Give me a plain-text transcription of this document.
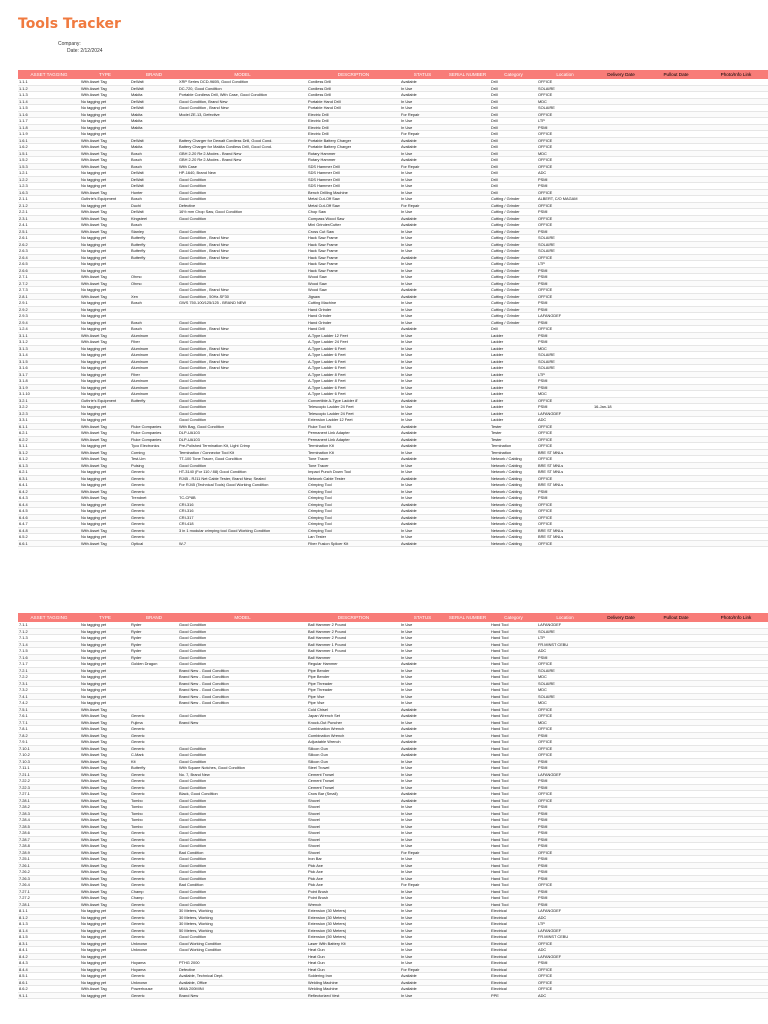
Tools Tracker
Company:
Date: 2/12/2024
ASSET TAGGING	TYPE	BRAND	MODEL	DESCRIPTION	STATUS	SERIAL NUMBER	Category	Location	Delivery Date	Pullout Date	Photo/Info Link
1.1.1	With Asset Tag	DeWalt	XRP Series DCD-960B, Good Condition	Cordless Drill	Available		Drill	OFFICE			
1.1.2	With Asset Tag	DeWalt	DC-720, Good Condition	Cordless Drill	In Use		Drill	SOLAIRE			
1.1.3	With Asset Tag	Makita	Portable Cordless Drill, With Case, Good Condition	Cordless Drill	Available		Drill	OFFICE			
1.1.4	No tagging yet	DeWalt	Good Condition, Brand New	Portable Hand Drill	In Use		Drill	MDC			
1.1.5	No tagging yet	DeWalt	Good Condition , Brand New	Portable Hand Drill	In Use		Drill	SOLAIRE			
1.1.6	No tagging yet	Makita	Model ZE-13, Defective	Electric Drill	For Repair		Drill	OFFICE			
1.1.7	No tagging yet	Makita		Electric Drill	In Use		Drill	LTP			
1.1.8	No tagging yet	Makita		Electric Drill	In Use		Drill	PSMI			
1.1.9	No tagging yet			Electric Drill	For Repair		Drill	OFFICE			
1.6.1	With Asset Tag	DeWalt	Battery Charger for Dewalt Cordless Drill, Good Cond.	Portable Battery Charger	Available		Drill	OFFICE			
1.6.2	With Asset Tag	Makita	Battery Charger for Makita Cordless Drill, Good Cond.	Portable Battery Charger	Available		Drill	OFFICE			
1.5.1	With Asset Tag	Bosch	GBH 2-20 Re 2-Modes - Brand New	Rotary Hammer	In Use		Drill	MDC			
1.5.2	With Asset Tag	Bosch	GBH 2-20 Re 2-Modes - Brand New	Rotary Hammer	Available		Drill	OFFICE			
1.5.3	With Asset Tag	Bosch	With Case	SDS Hammer Drill	For Repair		Drill	OFFICE			
1.2.1	No tagging yet	DeWalt	HP-1640, Brand New	SDS Hammer Drill	In Use		Drill	ADC			
1.2.2	No tagging yet	DeWalt	Good Condition	SDS Hammer Drill	In Use		Drill	PSMI			
1.2.3	No tagging yet	DeWalt	Good Condition	SDS Hammer Drill	In Use		Drill	PSMI			
1.6.3	With Asset Tag	Hunter	Good Condition	Bench Drilling Machine	In Use		Drill	OFFICE			
2.1.1	Guthrie's Equipment	Bosch	Good Condition	Metal Cut-Off Saw	In Use		Cutting / Grinder	ALBERT, C/O MAGAM			
2.1.2	No tagging yet	Duchi	Defective	Metal Cut-Off Saw	For Repair		Cutting / Grinder	OFFICE			
2.2.1	With Asset Tag	DeWalt	16½ mm Chop Saw, Good Condition	Chop Saw	In Use		Cutting / Grinder	PSMI			
2.3.1	With Asset Tag	Kingsteel	Good Condition	Compass Wood Saw	Available		Cutting / Grinder	OFFICE			
2.4.1	With Asset Tag	Bosch		Mini Grinder/Cutter	Available		Cutting / Grinder	OFFICE			
2.5.1	With Asset Tag	Stanley	Good Condition	Cross Cut Saw	In Use		Cutting / Grinder	PSMI			
2.6.1	No tagging yet	Butterfly	Good Condition , Brand New	Hack Saw Frame	In Use		Cutting / Grinder	SOLAIRE			
2.6.2	No tagging yet	Butterfly	Good Condition , Brand New	Hack Saw Frame	In Use		Cutting / Grinder	SOLAIRE			
2.6.3	No tagging yet	Butterfly	Good Condition , Brand New	Hack Saw Frame	In Use		Cutting / Grinder	SOLAIRE			
2.6.4	No tagging yet	Butterfly	Good Condition , Brand New	Hack Saw Frame	Available		Cutting / Grinder	OFFICE			
2.6.5	No tagging yet		Good Condition	Hack Saw Frame	In Use		Cutting / Grinder	LTP			
2.6.6	No tagging yet		Good Condition	Hack Saw Frame	In Use		Cutting / Grinder	PSMI			
2.7.1	With Asset Tag	Ohmo	Good Condition	Wood Saw	In Use		Cutting / Grinder	PSMI			
2.7.2	With Asset Tag	Ohmo	Good Condition	Wood Saw	In Use		Cutting / Grinder	PSMI			
2.7.3	No tagging yet		Good Condition , Brand New	Wood Saw	Available		Cutting / Grinder	OFFICE			
2.8.1	With Asset Tag	Xen	Good Condition , 50Hz-SF30	Jigsaw	Available		Cutting / Grinder	OFFICE			
2.9.1	No tagging yet	Bosch	GWS 750-100/125/125 - BRAND NEW	Cutting Machine	In Use		Cutting / Grinder	PSMI			
2.9.2	No tagging yet			Hand Grinder	In Use		Cutting / Grinder	PSMI			
2.9.3	No tagging yet			Hand Grinder	In Use		Cutting / Grinder	LAFANGDEF			
2.9.4	No tagging yet	Bosch	Good Condition	Hand Grinder	In Use		Cutting / Grinder	PSMI			
1.2.4	No tagging yet	Bosch	Good Condition , Brand New	Hand Drill	Available		Drill	OFFICE			
3.1.1	With Asset Tag	Aluminum	Good Condition	A-Type Ladder 12 Feet	In Use		Ladder	PSMI			
3.1.2	With Asset Tag	Fiber	Good Condition	A-Type Ladder 24 Feet	In Use		Ladder	PSMI			
3.1.3	No tagging yet	Aluminum	Good Condition , Brand New	A-Type Ladder 6 Feet	In Use		Ladder	MDC			
3.1.4	No tagging yet	Aluminum	Good Condition , Brand New	A-Type Ladder 6 Feet	In Use		Ladder	SOLAIRE			
3.1.5	No tagging yet	Aluminum	Good Condition , Brand New	A-Type Ladder 6 Feet	In Use		Ladder	SOLAIRE			
3.1.6	No tagging yet	Aluminum	Good Condition , Brand New	A-Type Ladder 6 Feet	In Use		Ladder	SOLAIRE			
3.1.7	No tagging yet	Fiber	Good Condition	A-Type Ladder 8 Feet	In Use		Ladder	LTP			
3.1.8	No tagging yet	Aluminum	Good Condition	A-Type Ladder 8 Feet	In Use		Ladder	PSMI			
3.1.9	No tagging yet	Aluminum	Good Condition	A-Type Ladder 6 Feet	In Use		Ladder	PSMI			
3.1.10	No tagging yet	Aluminum	Good Condition	A-Type Ladder 6 Feet	In Use		Ladder	MDC			
3.2.1	Guthrie's Equipment	Butterfly	Good Condition	Convertible A-Type Ladder 8'	Available		Ladder	OFFICE			
3.2.2	No tagging yet		Good Condition	Telescopic Ladder 24 Feet	In Use		Ladder	PSMI	16-Jan-18		
3.2.3	No tagging yet		Good Condition	Telescopic Ladder 24 Feet	In Use		Ladder	LAFANGDEF			
3.3.1	No tagging yet		Good Condition	Extension Ladder 12 Feet	In Use		Ladder	ADC			
6.1.1	With Asset Tag	Fluke Companies	With Bag, Good Condition	Fluke Tool Kit	Available		Tester	OFFICE			
6.2.1	With Asset Tag	Fluke Companies	DLP-UA103	Permanent Link Adapter	Available		Tester	OFFICE			
6.2.2	With Asset Tag	Fluke Companies	DLP-UA103	Permanent Link Adapter	Available		Tester	OFFICE			
5.1.1	No tagging yet	Tyco Electronics	Pre-Polished Termination Kit, Light Crimp	Termination Kit	Available		Termination	OFFICE			
5.1.2	With Asset Tag	Corning	Termination / Connector Tool Kit	Termination Kit	In Use		Termination	BRE ST MNLs			
6.1.2	With Asset Tag	Test-Um	TT-100 Tone Tracer, Good Condition	Tone Tracer	Available		Network / Cabling	OFFICE			
6.1.3	With Asset Tag	Pulsing	Good Condition	Tone Tracer	In Use		Network / Cabling	BRE ST MNLs			
6.2.1	No tagging yet	Generic	HT-3140 (For 110 / 88) Good Condition	Impact Punch Down Tool	In Use		Network / Cabling	BRE ST MNLs			
6.3.1	No tagging yet	Generic	RJ45 - RJ11 Net Cable Tester, Brand New, Sealed	Network Cable Tester	Available		Network / Cabling	OFFICE			
6.4.1	No tagging yet	Generic	For RJ45 (Technical Tools) Good Working Condition	Crimping Tool	In Use		Network / Cabling	BRE ST MNLs			
6.4.2	With Asset Tag	Generic		Crimping Tool	In Use		Network / Cabling	PSMI			
6.4.3	With Asset Tag	Trendnet	TC-CP8B	Crimping Tool	In Use		Network / Cabling	PSMI			
6.4.4	No tagging yet	Generic	CRI-316	Crimping Tool	Available		Network / Cabling	OFFICE			
6.4.5	No tagging yet	Generic	CRI-316	Crimping Tool	Available		Network / Cabling	OFFICE			
6.4.6	No tagging yet	Generic	CRI-317	Crimping Tool	Available		Network / Cabling	OFFICE			
6.4.7	No tagging yet	Generic	CRI-418	Crimping Tool	Available		Network / Cabling	OFFICE			
6.4.8	With Asset Tag	Generic	3 in 1 modular crimping tool Good Working Condition	Crimping Tool	In Use		Network / Cabling	BRE ST MNLs			
6.5.2	No tagging yet	Generic		Lan Tester	In Use		Network / Cabling	BRE ST MNLs			
6.6.1	With Asset Tag	Optical	W-7	Fiber Fusion Splicer Kit	Available		Network / Cabling	OFFICE			
ASSET TAGGING	TYPE	BRAND	MODEL	DESCRIPTION	STATUS	SERIAL NUMBER	Category	Location	Delivery Date	Pullout Date	Photo/Info Link
7.1.1	No tagging yet	Ryder	Good Condition	Ball Hammer 2 Pound	In Use		Hand Tool	LAFANGDEF			
7.1.2	No tagging yet	Ryder	Good Condition	Ball Hammer 2 Pound	In Use		Hand Tool	SOLAIRE			
7.1.3	No tagging yet	Ryder	Good Condition	Ball Hammer 2 Pound	In Use		Hand Tool	LTP			
7.1.4	No tagging yet	Ryder	Good Condition	Ball Hammer 1 Pound	In Use		Hand Tool	FR.MINST CEBU			
7.1.5	No tagging yet	Ryder	Good Condition	Ball Hammer 1 Pound	In Use		Hand Tool	ADC			
7.1.6	No tagging yet	Ryder	Good Condition	Ball Hammer	In Use		Hand Tool	PSMI			
7.1.7	No tagging yet	Golden Dragon	Good Condition	Regular Hammer	Available		Hand Tool	OFFICE			
7.2.1	No tagging yet		Brand New - Good Condition	Pipe Bender	In Use		Hand Tool	SOLAIRE			
7.2.2	No tagging yet		Brand New - Good Condition	Pipe Bender	In Use		Hand Tool	MDC			
7.3.1	No tagging yet		Brand New - Good Condition	Pipe Threader	In Use		Hand Tool	SOLAIRE			
7.3.2	No tagging yet		Brand New - Good Condition	Pipe Threader	In Use		Hand Tool	MDC			
7.4.1	No tagging yet		Brand New - Good Condition	Pipe Vise	In Use		Hand Tool	SOLAIRE			
7.4.2	No tagging yet		Brand New - Good Condition	Pipe Vise	In Use		Hand Tool	MDC			
7.5.1	With Asset Tag			Cold Chisel	Available		Hand Tool	OFFICE			
7.6.1	With Asset Tag	Generic	Good Condition	Japan Wrench Set	Available		Hand Tool	OFFICE			
7.7.1	With Asset Tag	Fujima	Brand New	Knock-Out Puncher	In Use		Hand Tool	MDC			
7.8.1	With Asset Tag	Generic		Combination Wrench	Available		Hand Tool	OFFICE			
7.8.2	With Asset Tag	Generic		Combination Wrench	In Use		Hand Tool	PSMI			
7.9.1	With Asset Tag	Generic		Adjustable Wrench	Available		Hand Tool	OFFICE			
7.10.1	With Asset Tag	Generic	Good Condition	Silicon Gun	Available		Hand Tool	OFFICE			
7.10.2	With Asset Tag	C-Mark	Good Condition	Silicon Gun	Available		Hand Tool	OFFICE			
7.10.3	With Asset Tag	Kit	Good Condition	Silicon Gun	In Use		Hand Tool	PSMI			
7.11.1	With Asset Tag	Butterfly	With Square Notches, Good Condition	Steel Trowel	In Use		Hand Tool	PSMI			
7.21.1	With Asset Tag	Generic	No. 7, Brand New	Cement Trowel	In Use		Hand Tool	LAFANGDEF			
7.22.2	With Asset Tag	Generic	Good Condition	Cement Trowel	In Use		Hand Tool	PSMI			
7.22.3	With Asset Tag	Generic	Good Condition	Cement Trowel	In Use		Hand Tool	PSMI			
7.27.1	With Asset Tag	Generic	Black, Good Condition	Crow Bar (Small)	Available		Hand Tool	OFFICE			
7.28.1	With Asset Tag	Tombo	Good Condition	Shovel	Available		Hand Tool	OFFICE			
7.28.2	With Asset Tag	Tombo	Good Condition	Shovel	In Use		Hand Tool	PSMI			
7.28.3	With Asset Tag	Tombo	Good Condition	Shovel	In Use		Hand Tool	PSMI			
7.28.4	With Asset Tag	Tombo	Good Condition	Shovel	In Use		Hand Tool	PSMI			
7.28.5	With Asset Tag	Tombo	Good Condition	Shovel	In Use		Hand Tool	PSMI			
7.28.6	With Asset Tag	Generic	Good Condition	Shovel	In Use		Hand Tool	PSMI			
7.28.7	With Asset Tag	Generic	Good Condition	Shovel	In Use		Hand Tool	PSMI			
7.28.8	With Asset Tag	Generic	Good Condition	Shovel	In Use		Hand Tool	PSMI			
7.28.9	With Asset Tag	Generic	Bad Condition	Shovel	For Repair		Hand Tool	OFFICE			
7.25.1	With Asset Tag	Generic	Good Condition	Iron Bar	In Use		Hand Tool	PSMI			
7.26.1	With Asset Tag	Generic	Good Condition	Pick Axe	In Use		Hand Tool	PSMI			
7.26.2	With Asset Tag	Generic	Good Condition	Pick Axe	In Use		Hand Tool	PSMI			
7.26.3	With Asset Tag	Generic	Good Condition	Pick Axe	In Use		Hand Tool	PSMI			
7.26.4	With Asset Tag	Generic	Bad Condition	Pick Axe	For Repair		Hand Tool	OFFICE			
7.27.1	With Asset Tag	Champ	Good Condition	Point Brush	In Use		Hand Tool	PSMI			
7.27.2	With Asset Tag	Champ	Good Condition	Point Brush	In Use		Hand Tool	PSMI			
7.28.1	With Asset Tag	Generic	Good Condition	Wrench	In Use		Hand Tool	PSMI			
8.1.1	No tagging yet	Generic	30 Meters, Working	Extension (30 Meters)	In Use		Electrical	LAFANGDEF			
8.1.2	No tagging yet	Generic	30 Meters, Working	Extension (30 Meters)	In Use		Electrical	ADC			
8.1.3	No tagging yet	Generic	30 Meters, Working	Extension (30 Meters)	In Use		Electrical	LTP			
8.1.4	No tagging yet	Generic	50 Meters, Working	Extension (50 Meters)	In Use		Electrical	LAFANGDEF			
8.1.5	No tagging yet	Generic	Good Condition	Extension (50 Meters)	In Use		Electrical	FR.MINST CEBU			
8.3.1	No tagging yet	Unknown	Good Working Condition	Laser With Battery Kit	In Use		Electrical	OFFICE			
8.4.1	No tagging yet	Unknown	Good Working Condition	Heat Gun	In Use		Electrical	ADC			
8.4.2	No tagging yet			Heat Gun	In Use		Electrical	LAFANGDEF			
8.4.3	No tagging yet	Hoyama	PTHG 2000	Heat Gun	In Use		Electrical	PSMI			
8.4.4	No tagging yet	Hoyama	Defective	Heat Gun	For Repair		Electrical	OFFICE			
8.5.1	No tagging yet	Generic	Available, Technical Dept.	Soldering Iron	Available		Electrical	OFFICE			
8.6.1	No tagging yet	Unknown	Available, Office	Welding Machine	Available		Electrical	OFFICE			
8.6.2	With Asset Tag	Powerhouse	MMA 200MINI	Welding Machine	Available		Electrical	OFFICE			
9.1.1	No tagging yet	Generic	Brand New	Reflectorized Vest	In Use		PPE	ADC			
